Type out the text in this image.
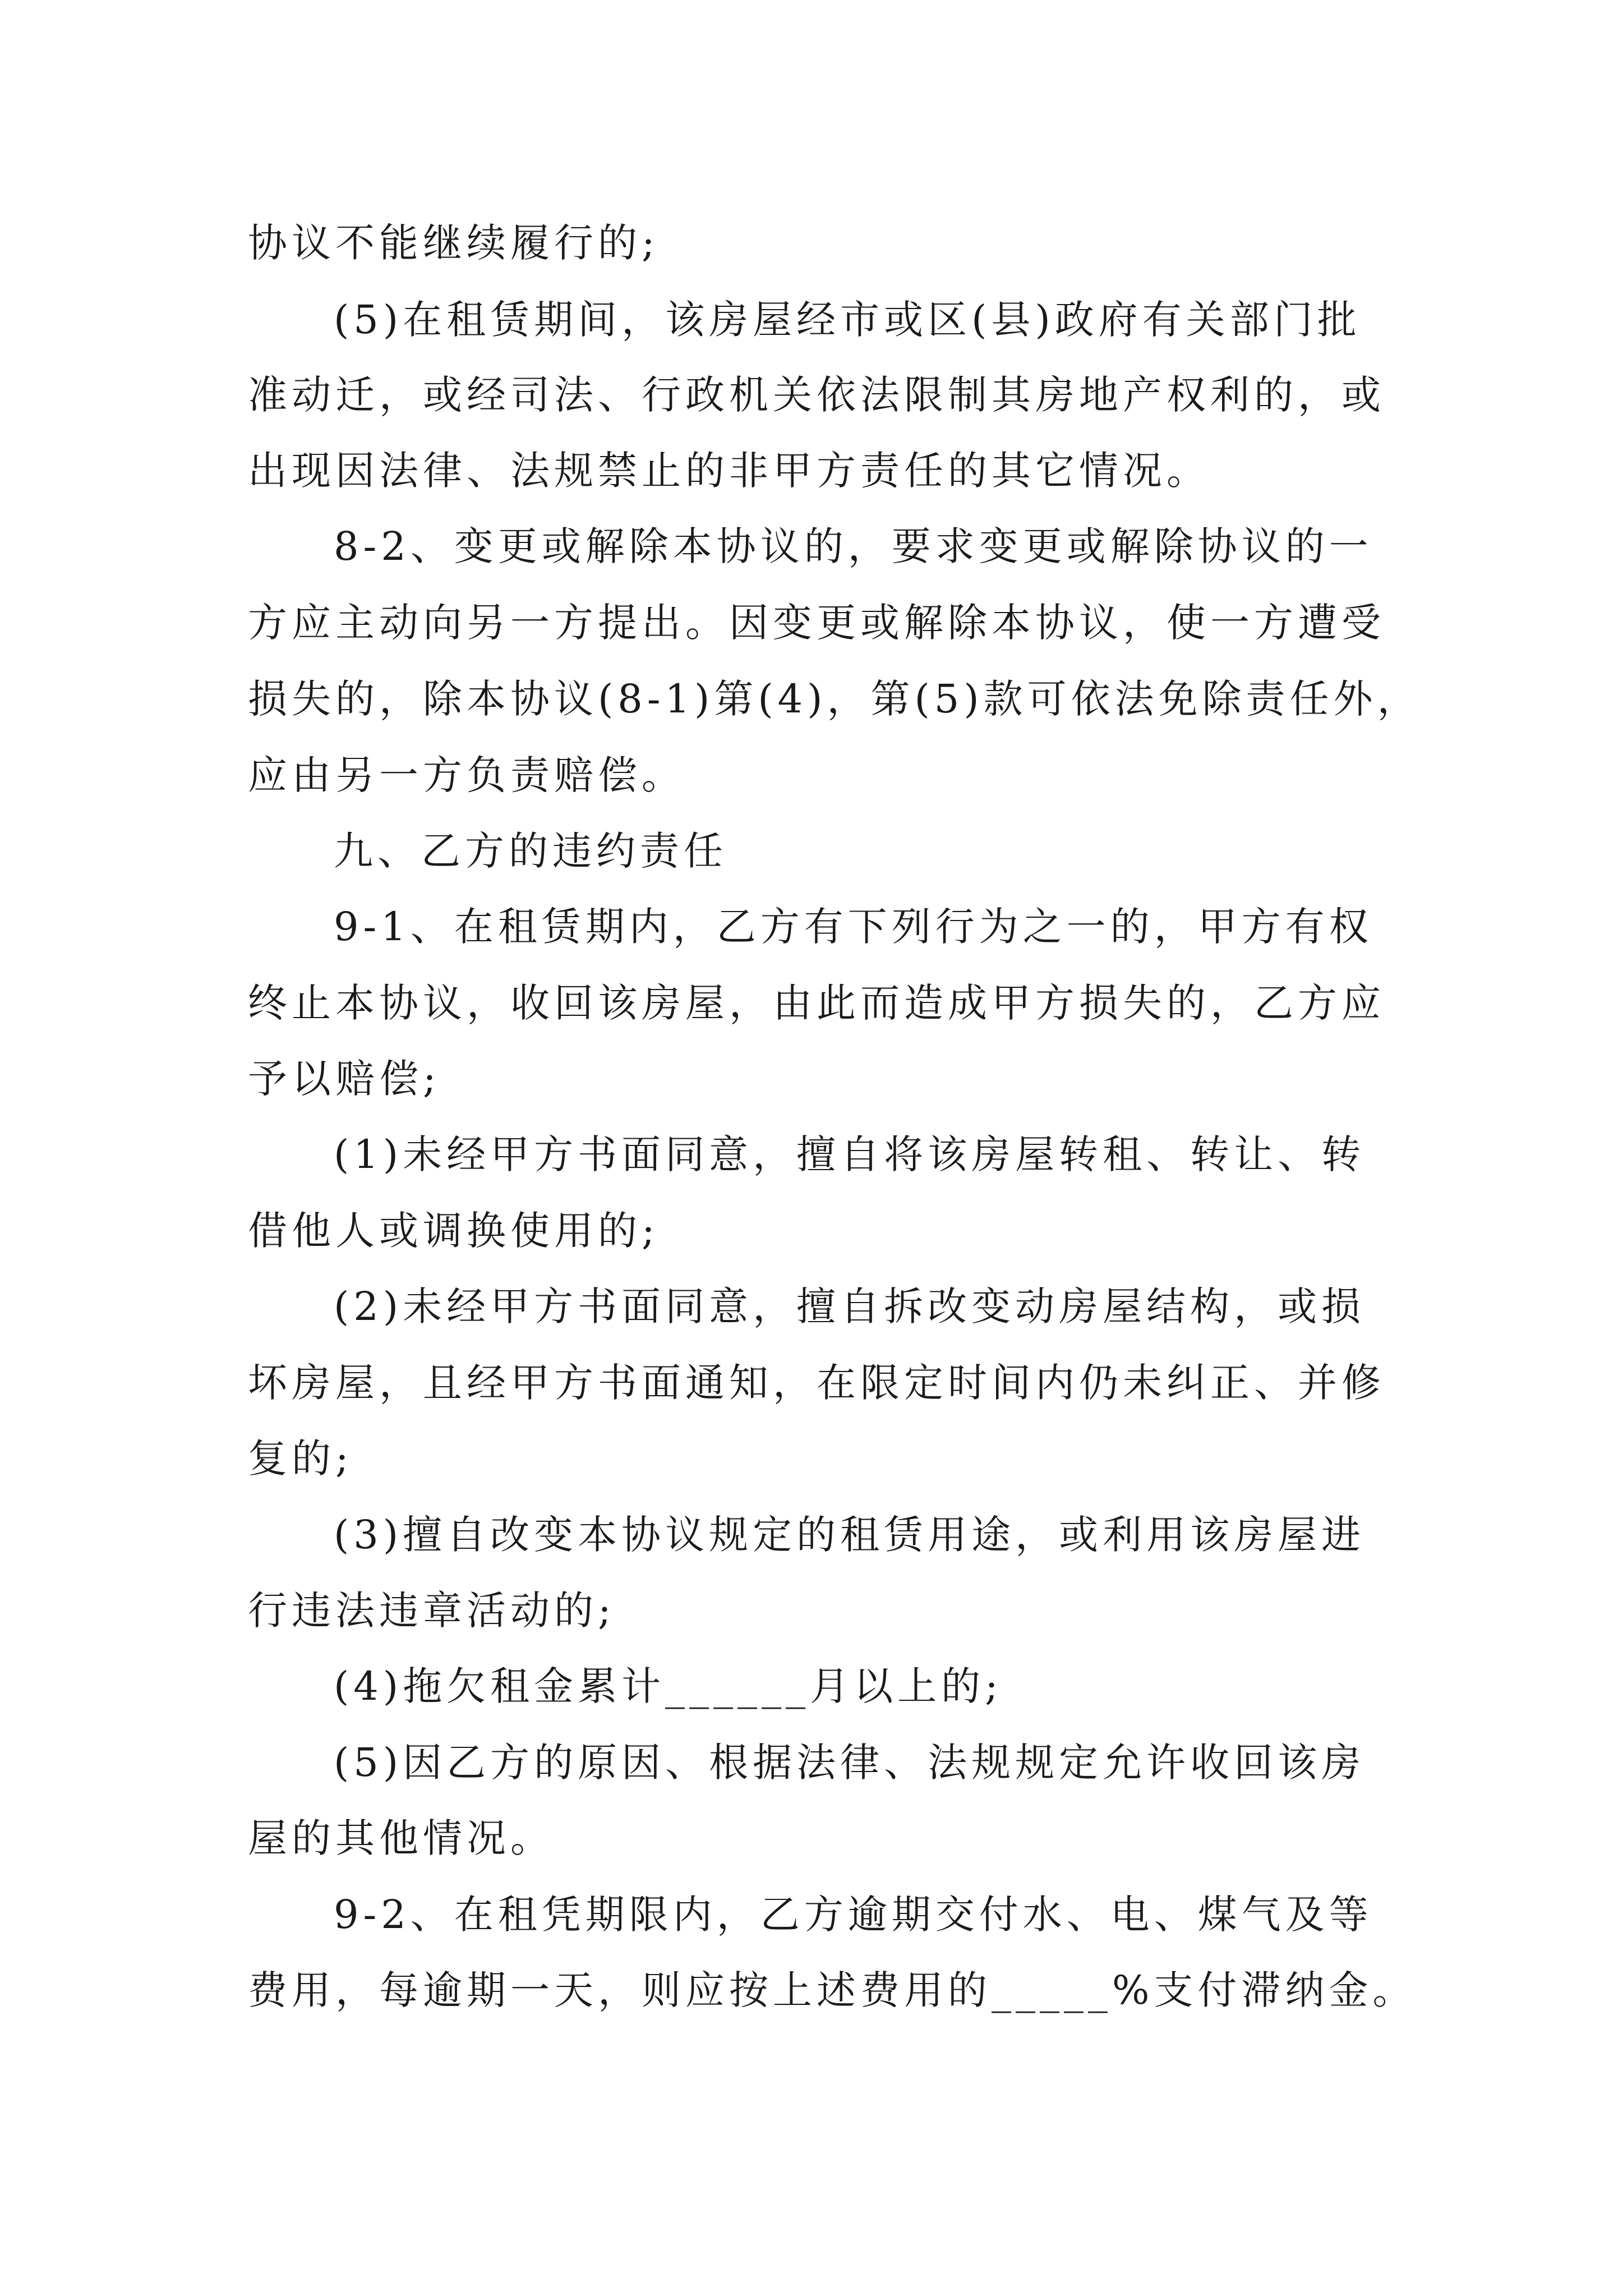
协议不能继续履行的;
(5)在租赁期间，该房屋经市或区(县)政府有关部门批
准动迁，或经司法、行政机关依法限制其房地产权利的，或
出现因法律、法规禁止的非甲方责任的其它情况。
8-2、变更或解除本协议的，要求变更或解除协议的一
方应主动向另一方提出。因变更或解除本协议，使一方遭受
损失的，除本协议(8-1)第(4)，第(5)款可依法免除责任外，
应由另一方负责赔偿。
九、乙方的违约责任
9-1、在租赁期内，乙方有下列行为之一的，甲方有权
终止本协议，收回该房屋，由此而造成甲方损失的，乙方应
予以赔偿;
(1)未经甲方书面同意，擅自将该房屋转租、转让、转
借他人或调换使用的;
(2)未经甲方书面同意，擅自拆改变动房屋结构，或损
坏房屋，且经甲方书面通知，在限定时间内仍未纠正、并修
复的;
(3)擅自改变本协议规定的租赁用途，或利用该房屋进
行违法违章活动的;
(4)拖欠租金累计______月以上的;
(5)因乙方的原因、根据法律、法规规定允许收回该房
屋的其他情况。
9-2、在租凭期限内，乙方逾期交付水、电、煤气及等
费用，每逾期一天，则应按上述费用的_____%支付滞纳金。
